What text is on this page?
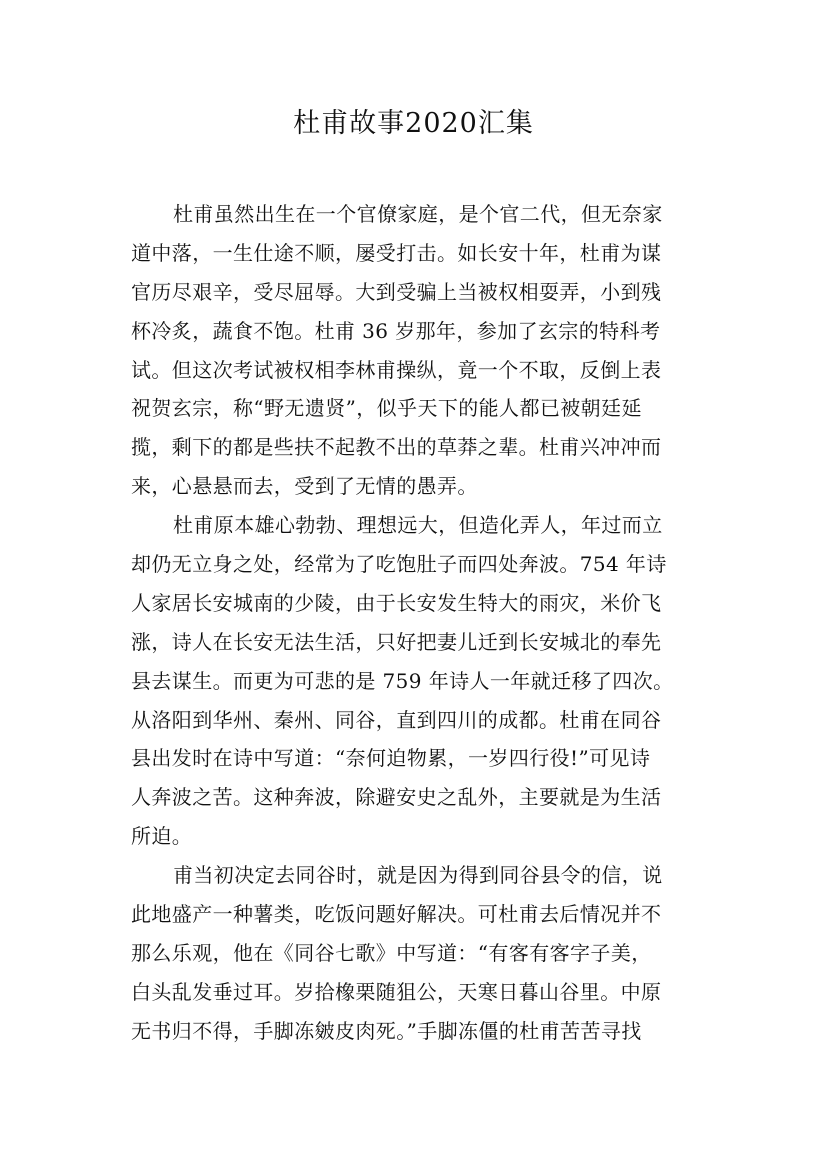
杜甫故事2020汇集
杜甫虽然出生在一个官僚家庭，是个官二代，但无奈家
道中落，一生仕途不顺，屡受打击。如长安十年，杜甫为谋
官历尽艰辛，受尽屈辱。大到受骗上当被权相耍弄，小到残
杯冷炙，蔬食不饱。杜甫 36 岁那年，参加了玄宗的特科考
试。但这次考试被权相李林甫操纵，竟一个不取，反倒上表
祝贺玄宗，称“野无遗贤”，似乎天下的能人都已被朝廷延
揽，剩下的都是些扶不起教不出的草莽之辈。杜甫兴冲冲而
来，心悬悬而去，受到了无情的愚弄。
杜甫原本雄心勃勃、理想远大，但造化弄人，年过而立
却仍无立身之处，经常为了吃饱肚子而四处奔波。754 年诗
人家居长安城南的少陵，由于长安发生特大的雨灾，米价飞
涨，诗人在长安无法生活，只好把妻儿迁到长安城北的奉先
县去谋生。而更为可悲的是 759 年诗人一年就迁移了四次。
从洛阳到华州、秦州、同谷，直到四川的成都。杜甫在同谷
县出发时在诗中写道：“奈何迫物累，一岁四行役!”可见诗
人奔波之苦。这种奔波，除避安史之乱外，主要就是为生活
所迫。
甫当初决定去同谷时，就是因为得到同谷县令的信，说
此地盛产一种薯类，吃饭问题好解决。可杜甫去后情况并不
那么乐观，他在《同谷七歌》中写道：“有客有客字子美，
白头乱发垂过耳。岁拾橡栗随狙公，天寒日暮山谷里。中原
无书归不得，手脚冻皴皮肉死。”手脚冻僵的杜甫苦苦寻找
